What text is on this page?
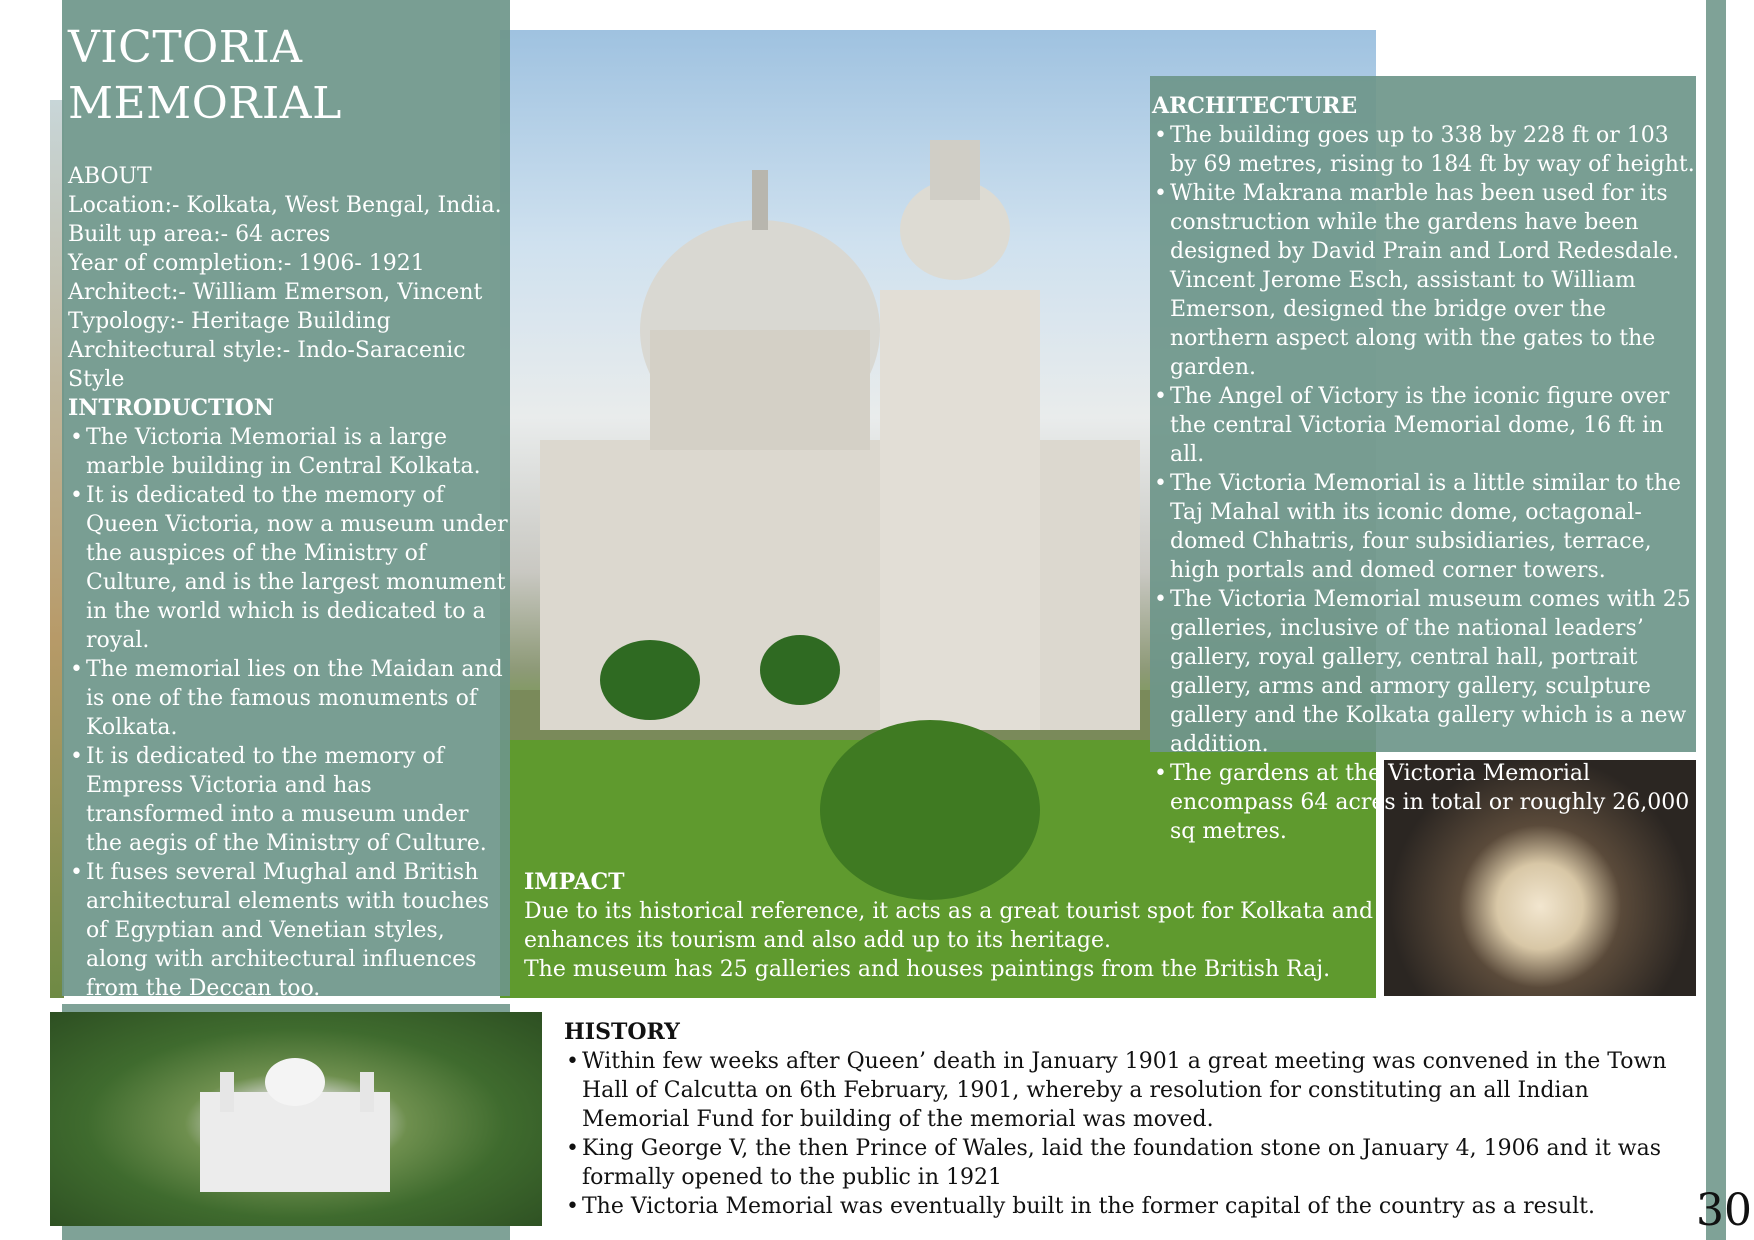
VICTORIA
MEMORIAL
ABOUT
Location:- Kolkata, West Bengal, India.
Built up area:- 64 acres
Year of completion:- 1906- 1921
Architect:- William Emerson, Vincent
Typology:- Heritage Building
Architectural style:- Indo-Saracenic Style
INTRODUCTION
• The Victoria Memorial is a large marble building in Central Kolkata.
• It is dedicated to the memory of Queen Victoria, now a museum under the auspices of the Ministry of Culture, and is the largest monument in the world which is dedicated to a royal.
• The memorial lies on the Maidan and is one of the famous monuments of Kolkata.
• It is dedicated to the memory of Empress Victoria and has transformed into a museum under the aegis of the Ministry of Culture.
• It fuses several Mughal and British architectural elements with touches of Egyptian and Venetian styles, along with architectural influences from the Deccan too.
ARCHITECTURE
• The building goes up to 338 by 228 ft or 103 by 69 metres, rising to 184 ft by way of height.
• White Makrana marble has been used for its construction while the gardens have been designed by David Prain and Lord Redesdale. Vincent Jerome Esch, assistant to William Emerson, designed the bridge over the northern aspect along with the gates to the garden.
• The Angel of Victory is the iconic figure over the central Victoria Memorial dome, 16 ft in all.
• The Victoria Memorial is a little similar to the Taj Mahal with its iconic dome, octagonal-domed Chhatris, four subsidiaries, terrace, high portals and domed corner towers.
• The Victoria Memorial museum comes with 25 galleries, inclusive of the national leaders’ gallery, royal gallery, central hall, portrait gallery, arms and armory gallery, sculpture gallery and the Kolkata gallery which is a new addition.
• The gardens at the Victoria Memorial encompass 64 acres in total or roughly 26,000 sq metres.
IMPACT
Due to its historical reference, it acts as a great tourist spot for Kolkata and enhances its tourism and also add up to its heritage.
The museum has 25 galleries and houses paintings from the British Raj.
HISTORY
• Within few weeks after Queen’ death in January 1901 a great meeting was convened in the Town Hall of Calcutta on 6th February, 1901, whereby a resolution for constituting an all Indian Memorial Fund for building of the memorial was moved.
• King George V, the then Prince of Wales, laid the foundation stone on January 4, 1906 and it was formally opened to the public in 1921
• The Victoria Memorial was eventually built in the former capital of the country as a result.	30
